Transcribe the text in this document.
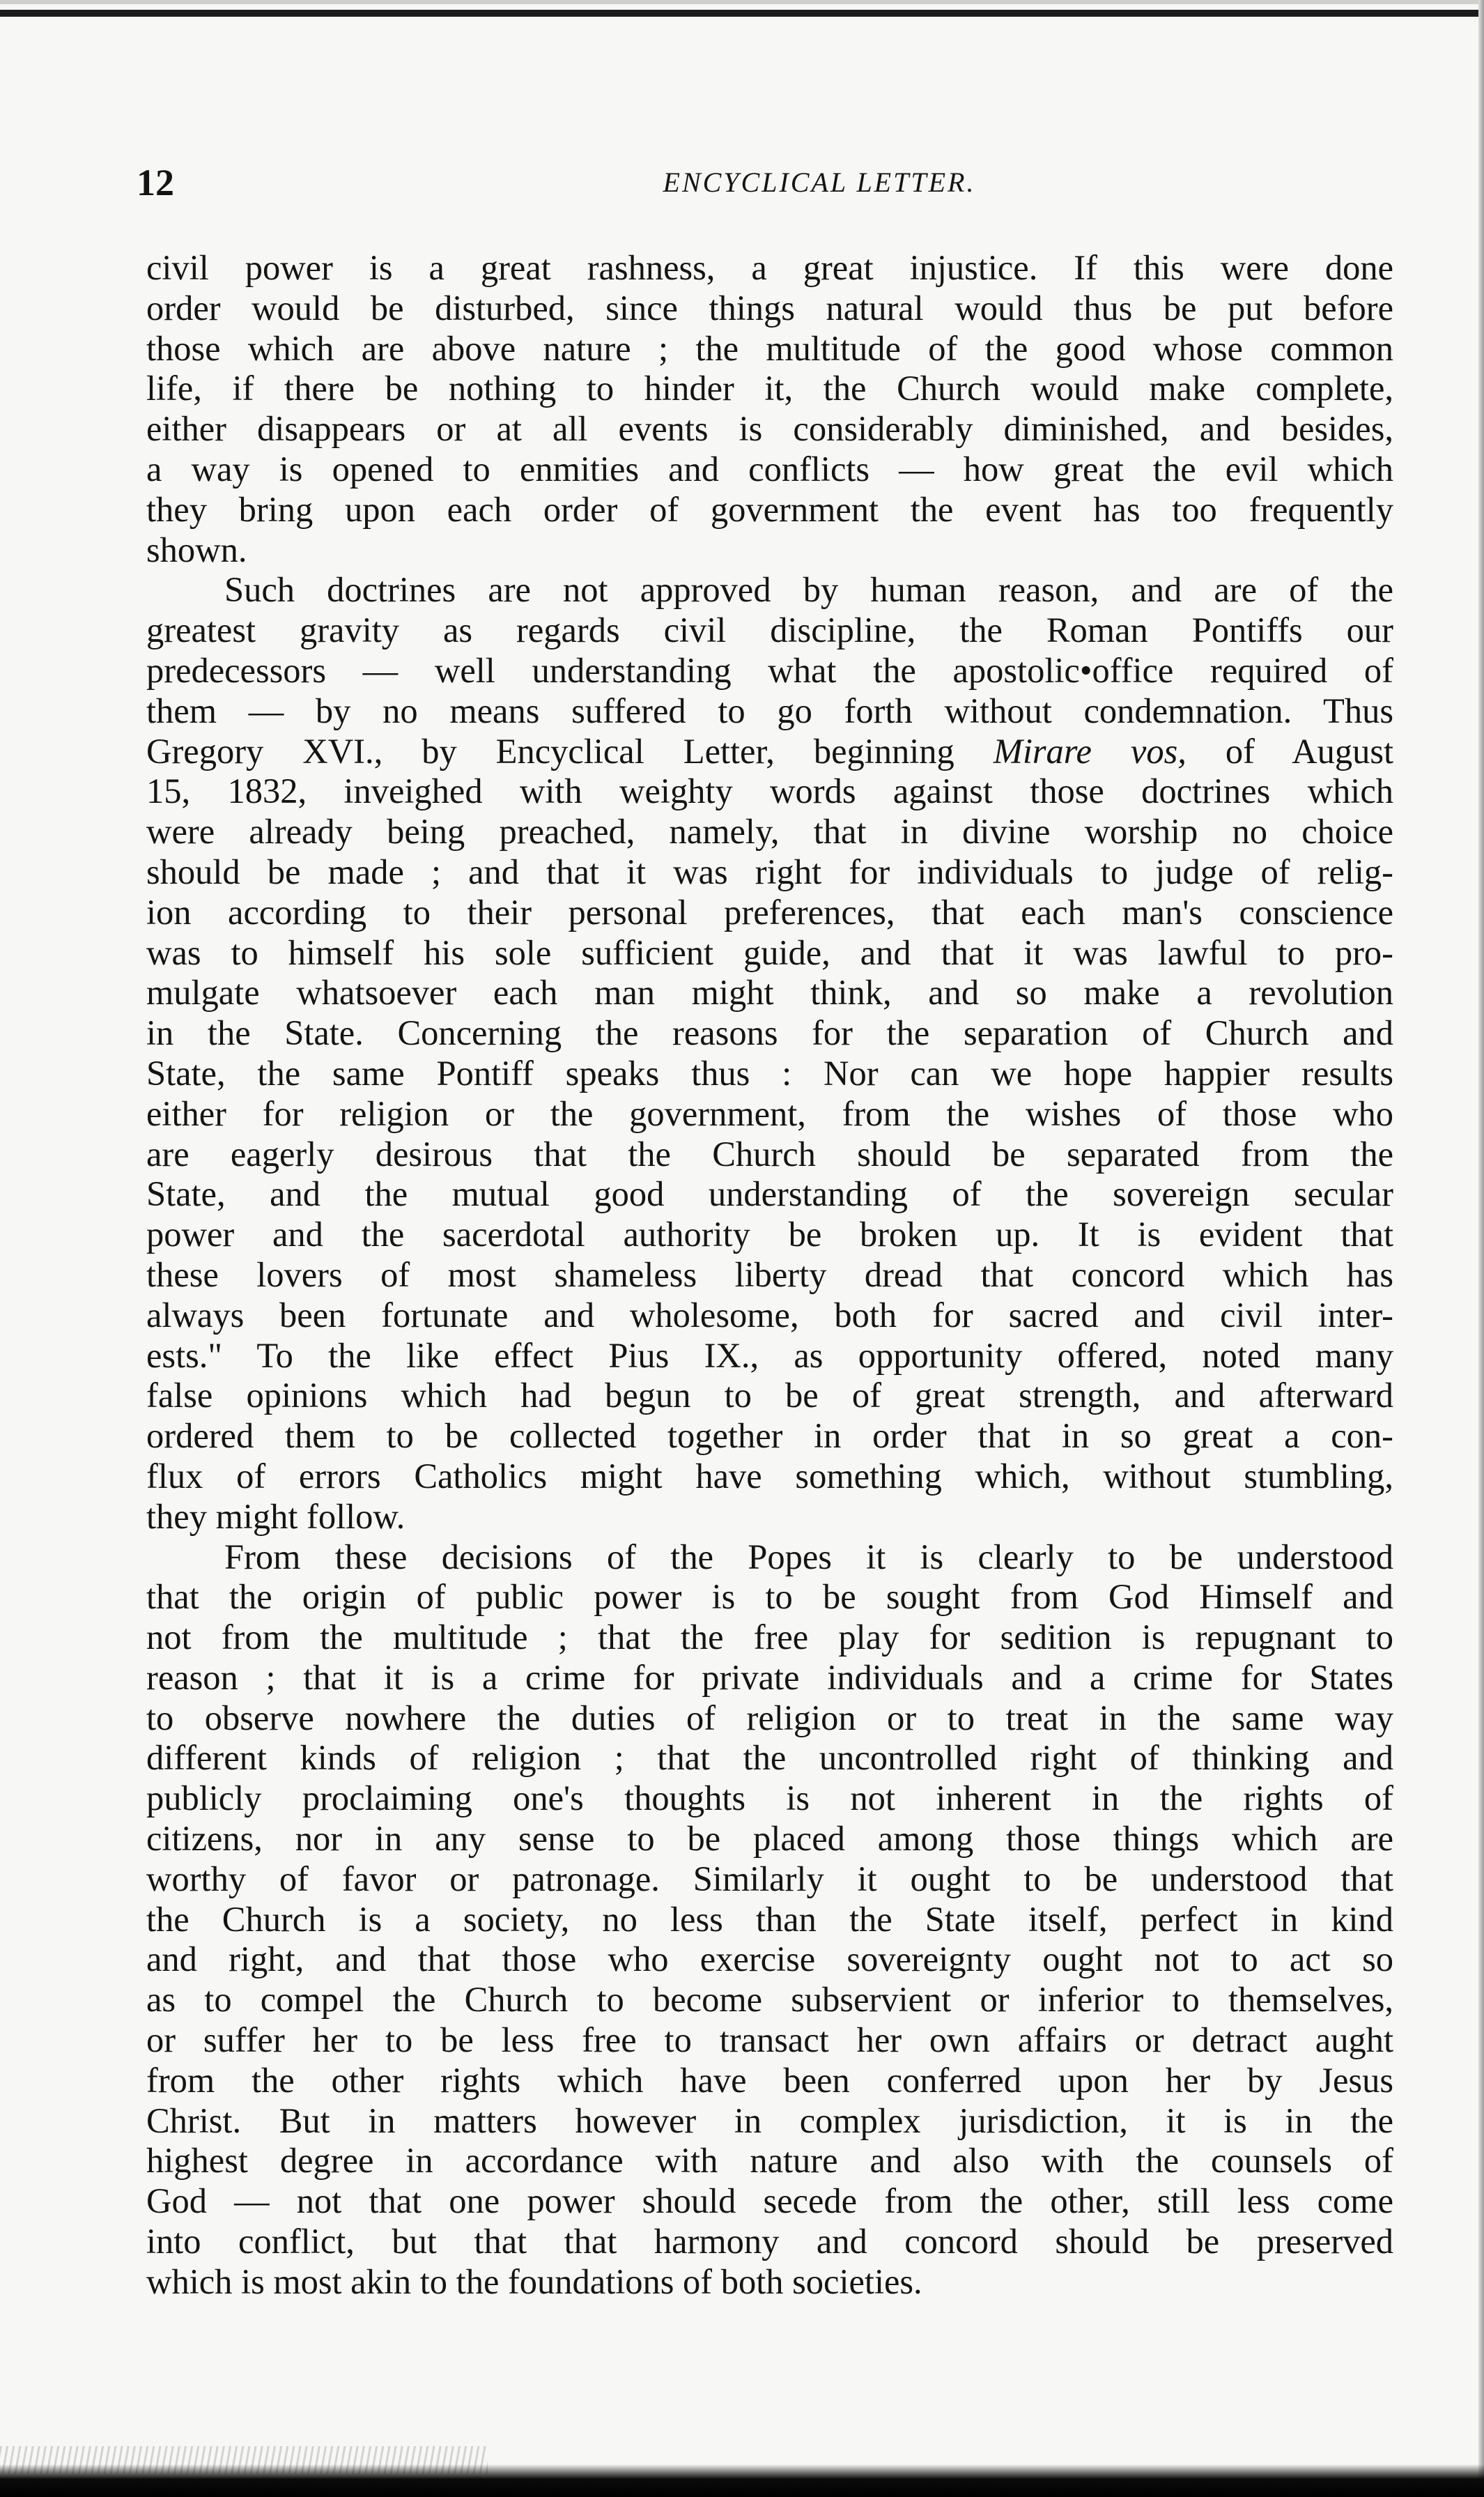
12	ENCYCLICAL LETTER.
civil power is a great rashness, a great injustice. If this were done
order would be disturbed, since things natural would thus be put before
those which are above nature ; the multitude of the good whose common
life, if there be nothing to hinder it, the Church would make complete,
either disappears or at all events is considerably diminished, and besides,
a way is opened to enmities and conflicts — how great the evil which
they bring upon each order of government the event has too frequently
shown.
Such doctrines are not approved by human reason, and are of the
greatest gravity as regards civil discipline, the Roman Pontiffs our
predecessors — well understanding what the apostolic•office required of
them — by no means suffered to go forth without condemnation. Thus
Gregory XVI., by Encyclical Letter, beginning Mirare vos, of August
15, 1832, inveighed with weighty words against those doctrines which
were already being preached, namely, that in divine worship no choice
should be made ; and that it was right for individuals to judge of relig-
ion according to their personal preferences, that each man's conscience
was to himself his sole sufficient guide, and that it was lawful to pro-
mulgate whatsoever each man might think, and so make a revolution
in the State. Concerning the reasons for the separation of Church and
State, the same Pontiff speaks thus : Nor can we hope happier results
either for religion or the government, from the wishes of those who
are eagerly desirous that the Church should be separated from the
State, and the mutual good understanding of the sovereign secular
power and the sacerdotal authority be broken up. It is evident that
these lovers of most shameless liberty dread that concord which has
always been fortunate and wholesome, both for sacred and civil inter-
ests." To the like effect Pius IX., as opportunity offered, noted many
false opinions which had begun to be of great strength, and afterward
ordered them to be collected together in order that in so great a con-
flux of errors Catholics might have something which, without stumbling,
they might follow.
From these decisions of the Popes it is clearly to be understood
that the origin of public power is to be sought from God Himself and
not from the multitude ; that the free play for sedition is repugnant to
reason ; that it is a crime for private individuals and a crime for States
to observe nowhere the duties of religion or to treat in the same way
different kinds of religion ; that the uncontrolled right of thinking and
publicly proclaiming one's thoughts is not inherent in the rights of
citizens, nor in any sense to be placed among those things which are
worthy of favor or patronage. Similarly it ought to be understood that
the Church is a society, no less than the State itself, perfect in kind
and right, and that those who exercise sovereignty ought not to act so
as to compel the Church to become subservient or inferior to themselves,
or suffer her to be less free to transact her own affairs or detract aught
from the other rights which have been conferred upon her by Jesus
Christ. But in matters however in complex jurisdiction, it is in the
highest degree in accordance with nature and also with the counsels of
God — not that one power should secede from the other, still less come
into conflict, but that that harmony and concord should be preserved
which is most akin to the foundations of both societies.
